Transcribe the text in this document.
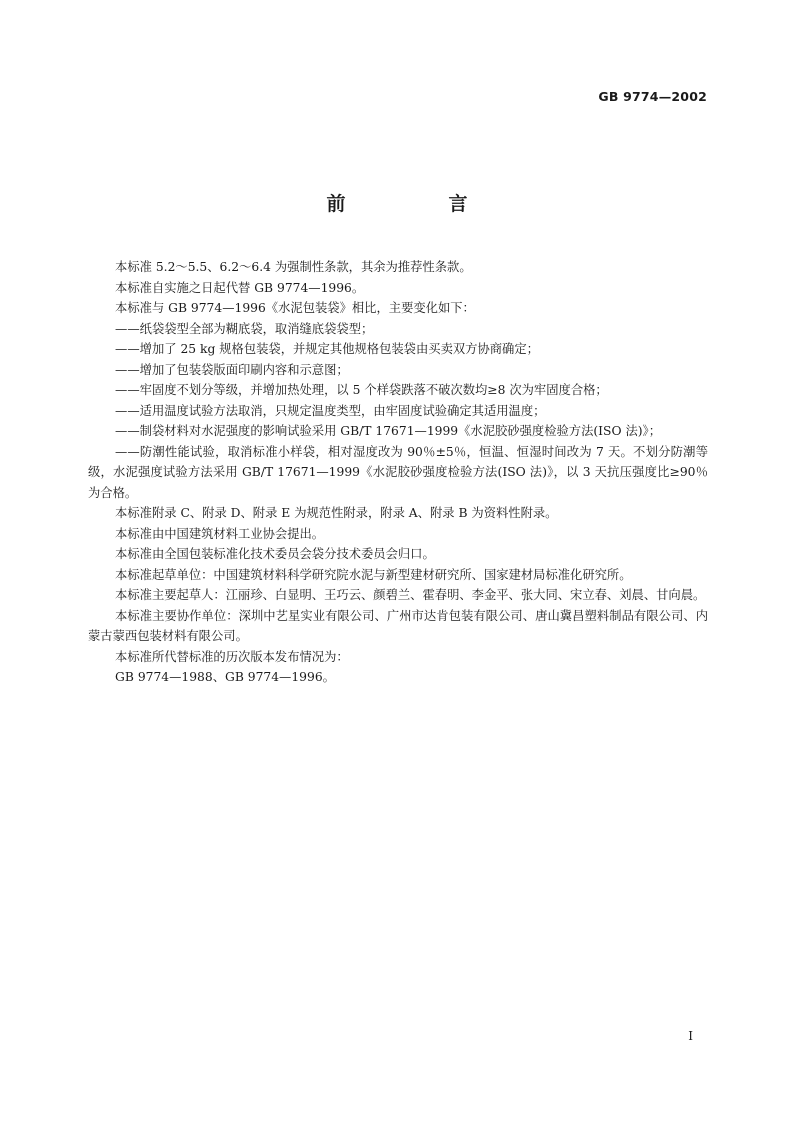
GB 9774—2002
前　言

本标准 5.2～5.5、6.2～6.4 为强制性条款，其余为推荐性条款。

本标准自实施之日起代替 GB 9774—1996。

本标准与 GB 9774—1996《水泥包装袋》相比，主要变化如下：

——纸袋袋型全部为糊底袋，取消缝底袋袋型；

——增加了 25 kg 规格包装袋，并规定其他规格包装袋由买卖双方协商确定；

——增加了包装袋版面印刷内容和示意图；

——牢固度不划分等级，并增加热处理，以 5 个样袋跌落不破次数均≥8 次为牢固度合格；

——适用温度试验方法取消，只规定温度类型，由牢固度试验确定其适用温度；

——制袋材料对水泥强度的影响试验采用 GB/T 17671—1999《水泥胶砂强度检验方法(ISO 法)》；

——防潮性能试验，取消标准小样袋，相对湿度改为 90％±5％，恒温、恒湿时间改为 7 天。不划分防潮等级，水泥强度试验方法采用 GB/T 17671—1999《水泥胶砂强度检验方法(ISO 法)》，以 3 天抗压强度比≥90％为合格。

本标准附录 C、附录 D、附录 E 为规范性附录，附录 A、附录 B 为资料性附录。

本标准由中国建筑材料工业协会提出。

本标准由全国包装标准化技术委员会袋分技术委员会归口。

本标准起草单位：中国建筑材料科学研究院水泥与新型建材研究所、国家建材局标准化研究所。

本标准主要起草人：江丽珍、白显明、王巧云、颜碧兰、霍春明、李金平、张大同、宋立春、刘晨、甘向晨。

本标准主要协作单位：深圳中艺星实业有限公司、广州市达肯包装有限公司、唐山冀昌塑料制品有限公司、内蒙古蒙西包装材料有限公司。

本标准所代替标准的历次版本发布情况为：

GB 9774—1988、GB 9774—1996。

I
